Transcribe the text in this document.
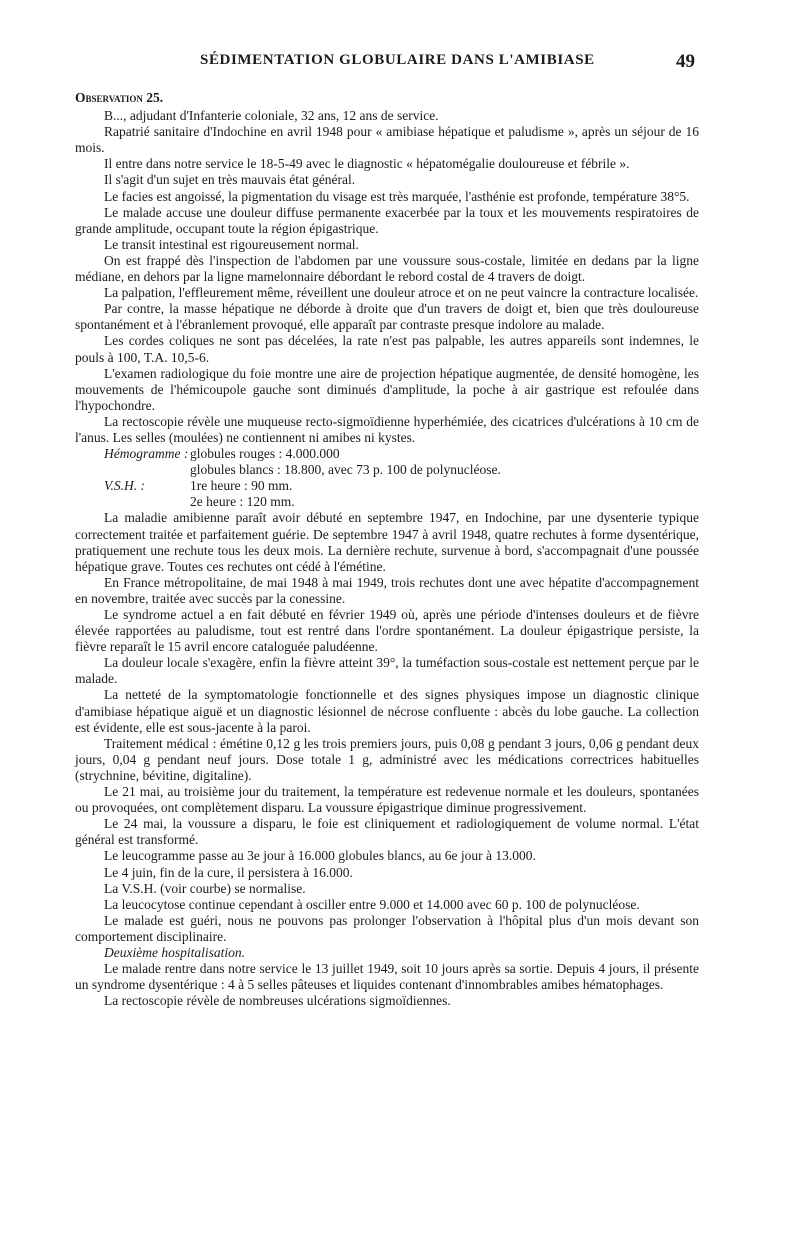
SÉDIMENTATION GLOBULAIRE DANS L'AMIBIASE	49
Observation 25.

B..., adjudant d'Infanterie coloniale, 32 ans, 12 ans de service.

Rapatrié sanitaire d'Indochine en avril 1948 pour « amibiase hépatique et paludisme », après un séjour de 16 mois.

Il entre dans notre service le 18-5-49 avec le diagnostic « hépatomégalie douloureuse et fébrile ».

Il s'agit d'un sujet en très mauvais état général.

Le facies est angoissé, la pigmentation du visage est très marquée, l'asthénie est profonde, température 38°5.

Le malade accuse une douleur diffuse permanente exacerbée par la toux et les mouvements respiratoires de grande amplitude, occupant toute la région épigastrique.

Le transit intestinal est rigoureusement normal.

On est frappé dès l'inspection de l'abdomen par une voussure sous-costale, limitée en dedans par la ligne médiane, en dehors par la ligne mamelonnaire débordant le rebord costal de 4 travers de doigt.

La palpation, l'effleurement même, réveillent une douleur atroce et on ne peut vaincre la contracture localisée.

Par contre, la masse hépatique ne déborde à droite que d'un travers de doigt et, bien que très douloureuse spontanément et à l'ébranlement provoqué, elle apparaît par contraste presque indolore au malade.

Les cordes coliques ne sont pas décelées, la rate n'est pas palpable, les autres appareils sont indemnes, le pouls à 100, T.A. 10,5-6.

L'examen radiologique du foie montre une aire de projection hépatique augmentée, de densité homogène, les mouvements de l'hémicoupole gauche sont diminués d'amplitude, la poche à air gastrique est refoulée dans l'hypochondre.

La rectoscopie révèle une muqueuse recto-sigmoïdienne hyperhémiée, des cicatrices d'ulcérations à 10 cm de l'anus. Les selles (moulées) ne contiennent ni amibes ni kystes.

Hémogramme : globules rouges : 4.000.000
globules blancs : 18.800, avec 73 p. 100 de polynucléose.
V.S.H. :	1re heure : 90 mm.
2e heure : 120 mm.

La maladie amibienne paraît avoir débuté en septembre 1947, en Indochine, par une dysenterie typique correctement traitée et parfaitement guérie. De septembre 1947 à avril 1948, quatre rechutes à forme dysentérique, pratiquement une rechute tous les deux mois. La dernière rechute, survenue à bord, s'accompagnait d'une poussée hépatique grave. Toutes ces rechutes ont cédé à l'émétine.

En France métropolitaine, de mai 1948 à mai 1949, trois rechutes dont une avec hépatite d'accompagnement en novembre, traitée avec succès par la conessine.

Le syndrome actuel a en fait débuté en février 1949 où, après une période d'intenses douleurs et de fièvre élevée rapportées au paludisme, tout est rentré dans l'ordre spontanément. La douleur épigastrique persiste, la fièvre reparaît le 15 avril encore cataloguée paludéenne.

La douleur locale s'exagère, enfin la fièvre atteint 39°, la tuméfaction sous-costale est nettement perçue par le malade.

La netteté de la symptomatologie fonctionnelle et des signes physiques impose un diagnostic clinique d'amibiase hépatique aiguë et un diagnostic lésionnel de nécrose confluente : abcès du lobe gauche. La collection est évidente, elle est sous-jacente à la paroi.

Traitement médical : émétine 0,12 g les trois premiers jours, puis 0,08 g pendant 3 jours, 0,06 g pendant deux jours, 0,04 g pendant neuf jours. Dose totale 1 g, administré avec les médications correctrices habituelles (strychnine, bévitine, digitaline).

Le 21 mai, au troisième jour du traitement, la température est redevenue normale et les douleurs, spontanées ou provoquées, ont complètement disparu. La voussure épigastrique diminue progressivement.

Le 24 mai, la voussure a disparu, le foie est cliniquement et radiologiquement de volume normal. L'état général est transformé.

Le leucogramme passe au 3e jour à 16.000 globules blancs, au 6e jour à 13.000.

Le 4 juin, fin de la cure, il persistera à 16.000.

La V.S.H. (voir courbe) se normalise.

La leucocytose continue cependant à osciller entre 9.000 et 14.000 avec 60 p. 100 de polynucléose.

Le malade est guéri, nous ne pouvons pas prolonger l'observation à l'hôpital plus d'un mois devant son comportement disciplinaire.

Deuxième hospitalisation.

Le malade rentre dans notre service le 13 juillet 1949, soit 10 jours après sa sortie. Depuis 4 jours, il présente un syndrome dysentérique : 4 à 5 selles pâteuses et liquides contenant d'innombrables amibes hématophages.

La rectoscopie révèle de nombreuses ulcérations sigmoïdiennes.
